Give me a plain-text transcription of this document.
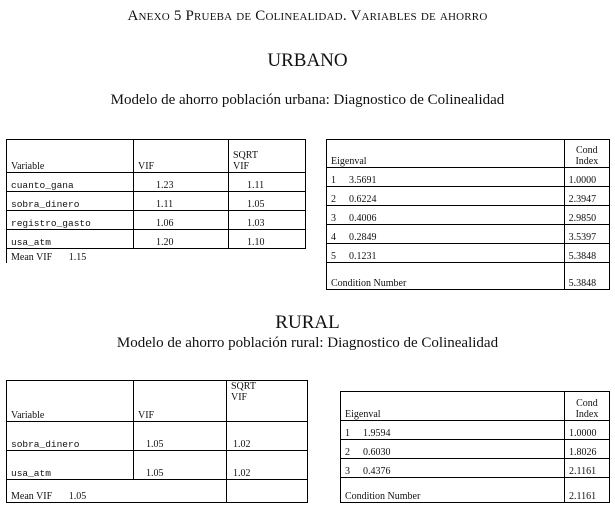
Anexo 5 Prueba de Colinealidad. Variables de ahorro
URBANO
Modelo de ahorro población urbana: Diagnostico de Colinealidad
Variable	VIF	SQRT
VIF

cuanto_gana	1.23	1.11
sobra_dinero	1.11	1.05
registro_gasto	1.06	1.03
usa_atm	1.20	1.10
Mean VIF 1.15		
Eigenval		Cond
Index

1	3.5691	1.0000
2	0.6224	2.3947
3	0.4006	2.9850
4	0.2849	3.5397
5	0.1231	5.3848
Condition Number		5.3848
RURAL
Modelo de ahorro población rural: Diagnostico de Colinealidad
Variable	VIF	SQRT
VIF

sobra_dinero	1.05	1.02
usa_atm	1.05	1.02
Mean VIF 1.05		
Eigenval		Cond
Index

1	1.9594	1.0000
2	0.6030	1.8026
3	0.4376	2.1161
Condition Number		2.1161
